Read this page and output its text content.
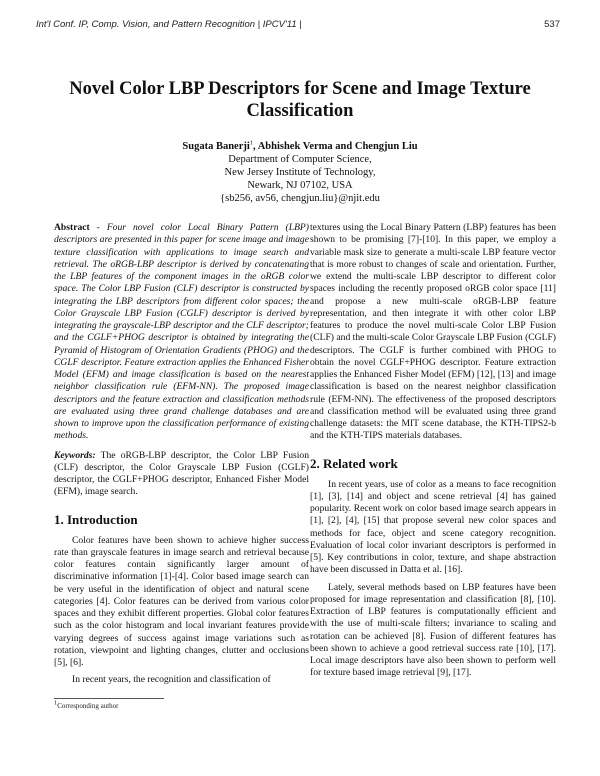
Int'l Conf. IP, Comp. Vision, and Pattern Recognition | IPCV'11 |	537
Novel Color LBP Descriptors for Scene and Image Texture Classification
Sugata Banerji$^1$, Abhishek Verma and Chengjun Liu
Department of Computer Science,
New Jersey Institute of Technology,
Newark, NJ 07102, USA
{sb256, av56, chengjun.liu}@njit.edu

Abstract - Four novel color Local Binary Pattern (LBP) descriptors are presented in this paper for scene image and image texture classification with applications to image search and retrieval. The oRGB-LBP descriptor is derived by concatenating the LBP features of the component images in the oRGB color space. The Color LBP Fusion (CLF) descriptor is constructed by integrating the LBP descriptors from different color spaces; the Color Grayscale LBP Fusion (CGLF) descriptor is derived by integrating the grayscale-LBP descriptor and the CLF descriptor; and the CGLF+PHOG descriptor is obtained by integrating the Pyramid of Histogram of Orientation Gradients (PHOG) and the CGLF descriptor. Feature extraction applies the Enhanced Fisher Model (EFM) and image classification is based on the nearest neighbor classification rule (EFM-NN). The proposed image descriptors and the feature extraction and classification methods are evaluated using three grand challenge databases and are shown to improve upon the classification performance of existing methods.

Keywords: The oRGB-LBP descriptor, the Color LBP Fusion (CLF) descriptor, the Color Grayscale LBP Fusion (CGLF) descriptor, the CGLF+PHOG descriptor, Enhanced Fisher Model (EFM), image search.

1. Introduction

Color features have been shown to achieve higher success rate than grayscale features in image search and retrieval because color features contain significantly larger amount of discriminative information [1]-[4]. Color based image search can be very useful in the identification of object and natural scene categories [4]. Color features can be derived from various color spaces and they exhibit different properties. Global color features such as the color histogram and local invariant features provide varying degrees of success against image variations such as rotation, viewpoint and lighting changes, clutter and occlusions [5], [6].

In recent years, the recognition and classification of

textures using the Local Binary Pattern (LBP) features has been shown to be promising [7]-[10]. In this paper, we employ a variable mask size to generate a multi-scale LBP feature vector that is more robust to changes of scale and orientation. Further, we extend the multi-scale LBP descriptor to different color spaces including the recently proposed oRGB color space [11] and propose a new multi-scale oRGB-LBP feature representation, and then integrate it with other color LBP features to produce the novel multi-scale Color LBP Fusion (CLF) and the multi-scale Color Grayscale LBP Fusion (CGLF) descriptors. The CGLF is further combined with PHOG to obtain the novel CGLF+PHOG descriptor. Feature extraction applies the Enhanced Fisher Model (EFM) [12], [13] and image classification is based on the nearest neighbor classification rule (EFM-NN). The effectiveness of the proposed descriptors and classification method will be evaluated using three grand challenge datasets: the MIT scene database, the KTH-TIPS2-b and the KTH-TIPS materials databases.

2. Related work

In recent years, use of color as a means to face recognition [1], [3], [14] and object and scene retrieval [4] has gained popularity. Recent work on color based image search appears in [1], [2], [4], [15] that propose several new color spaces and methods for face, object and scene category recognition. Evaluation of local color invariant descriptors is performed in [5]. Key contributions in color, texture, and shape abstraction have been discussed in Datta et al. [16].

Lately, several methods based on LBP features have been proposed for image representation and classification [8], [10]. Extraction of LBP features is computationally efficient and with the use of multi-scale filters; invariance to scaling and rotation can be achieved [8]. Fusion of different features has been shown to achieve a good retrieval success rate [10], [17]. Local image descriptors have also been shown to perform well for texture based image retrieval [9], [17].

$^1$Corresponding author
